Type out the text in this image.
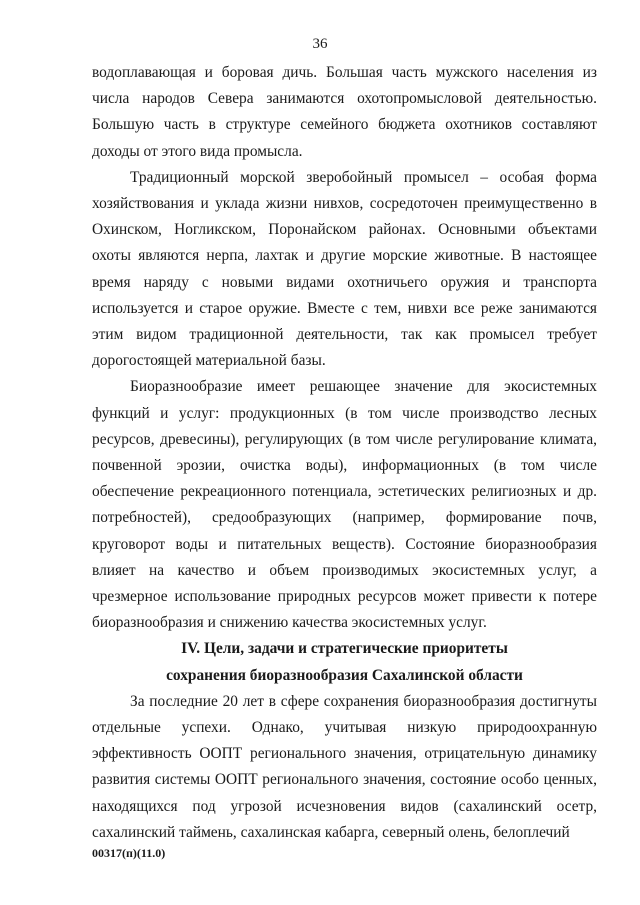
36

водоплавающая и боровая дичь. Большая часть мужского населения из числа народов Севера занимаются охотопромысловой деятельностью. Большую часть в структуре семейного бюджета охотников составляют доходы от этого вида промысла.

Традиционный морской зверобойный промысел – особая форма хозяйствования и уклада жизни нивхов, сосредоточен преимущественно в Охинском, Ногликском, Поронайском районах. Основными объектами охоты являются нерпа, лахтак и другие морские животные. В настоящее время наряду с новыми видами охотничьего оружия и транспорта используется и старое оружие. Вместе с тем, нивхи все реже занимаются этим видом традиционной деятельности, так как промысел требует дорогостоящей материальной базы.

Биоразнообразие имеет решающее значение для экосистемных функций и услуг: продукционных (в том числе производство лесных ресурсов, древесины), регулирующих (в том числе регулирование климата, почвенной эрозии, очистка воды), информационных (в том числе обеспечение рекреационного потенциала, эстетических религиозных и др. потребностей), средообразующих (например, формирование почв, круговорот воды и питательных веществ). Состояние биоразнообразия влияет на качество и объем производимых экосистемных услуг, а чрезмерное использование природных ресурсов может привести к потере биоразнообразия и снижению качества экосистемных услуг.

IV. Цели, задачи и стратегические приоритеты
сохранения биоразнообразия Сахалинской области

За последние 20 лет в сфере сохранения биоразнообразия достигнуты отдельные успехи. Однако, учитывая низкую природоохранную эффективность ООПТ регионального значения, отрицательную динамику развития системы ООПТ регионального значения, состояние особо ценных, находящихся под угрозой исчезновения видов (сахалинский осетр, сахалинский таймень, сахалинская кабарга, северный олень, белоплечий

00317(п)(11.0)
